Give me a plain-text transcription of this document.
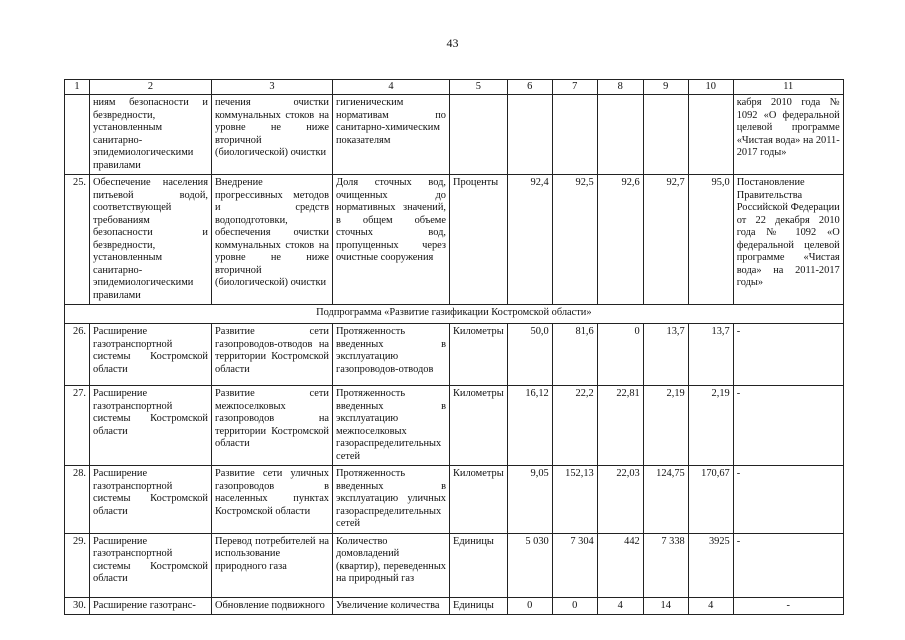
43
1	2	3	4	5	6	7	8	9	10	11
	ниям безопасности и безвредности, установленным санитарно-эпидемиологическими правилами	печения очистки коммунальных стоков на уровне не ниже вторичной (биологической) очистки	гигиеническим нормативам по санитарно-химическим показателям							кабря 2010 года № 1092 «О федеральной целевой программе «Чистая вода» на 2011-2017 годы»
25.	Обеспечение населения питьевой водой, соответствующей требованиям безопасности и безвредности, установленным санитарно-эпидемиологическими правилами	Внедрение прогрессивных методов и средств водоподготовки, обеспечения очистки коммунальных стоков на уровне не ниже вторичной (биологической) очистки	Доля сточных вод, очищенных до нормативных значений, в общем объеме сточных вод, пропущенных через очистные сооружения	Проценты	92,4	92,5	92,6	92,7	95,0	Постановление Правительства Российской Федерации от 22 декабря 2010 года № 1092 «О федеральной целевой программе «Чистая вода» на 2011-2017 годы»
Подпрограмма «Развитие газификации Костромской области»										
26.	Расширение газотранспортной системы Костромской области	Развитие сети газопроводов-отводов на территории Костромской области	Протяженность введенных в эксплуатацию газопроводов-отводов	Километры	50,0	81,6	0	13,7	13,7	-
27.	Расширение газотранспортной системы Костромской области	Развитие сети межпоселковых газопроводов на территории Костромской области	Протяженность введенных в эксплуатацию межпоселковых газораспределительных сетей	Километры	16,12	22,2	22,81	2,19	2,19	-
28.	Расширение газотранспортной системы Костромской области	Развитие сети уличных газопроводов в населенных пунктах Костромской области	Протяженность введенных в эксплуатацию уличных газораспределительных сетей	Километры	9,05	152,13	22,03	124,75	170,67	-
29.	Расширение газотранспортной системы Костромской области	Перевод потребителей на использование природного газа	Количество домовладений (квартир), переведенных на природный газ	Единицы	5 030	7 304	442	7 338	3925	-
30.	Расширение газотранс-	Обновление подвижного	Увеличение количества	Единицы	0	0	4	14	4	-
